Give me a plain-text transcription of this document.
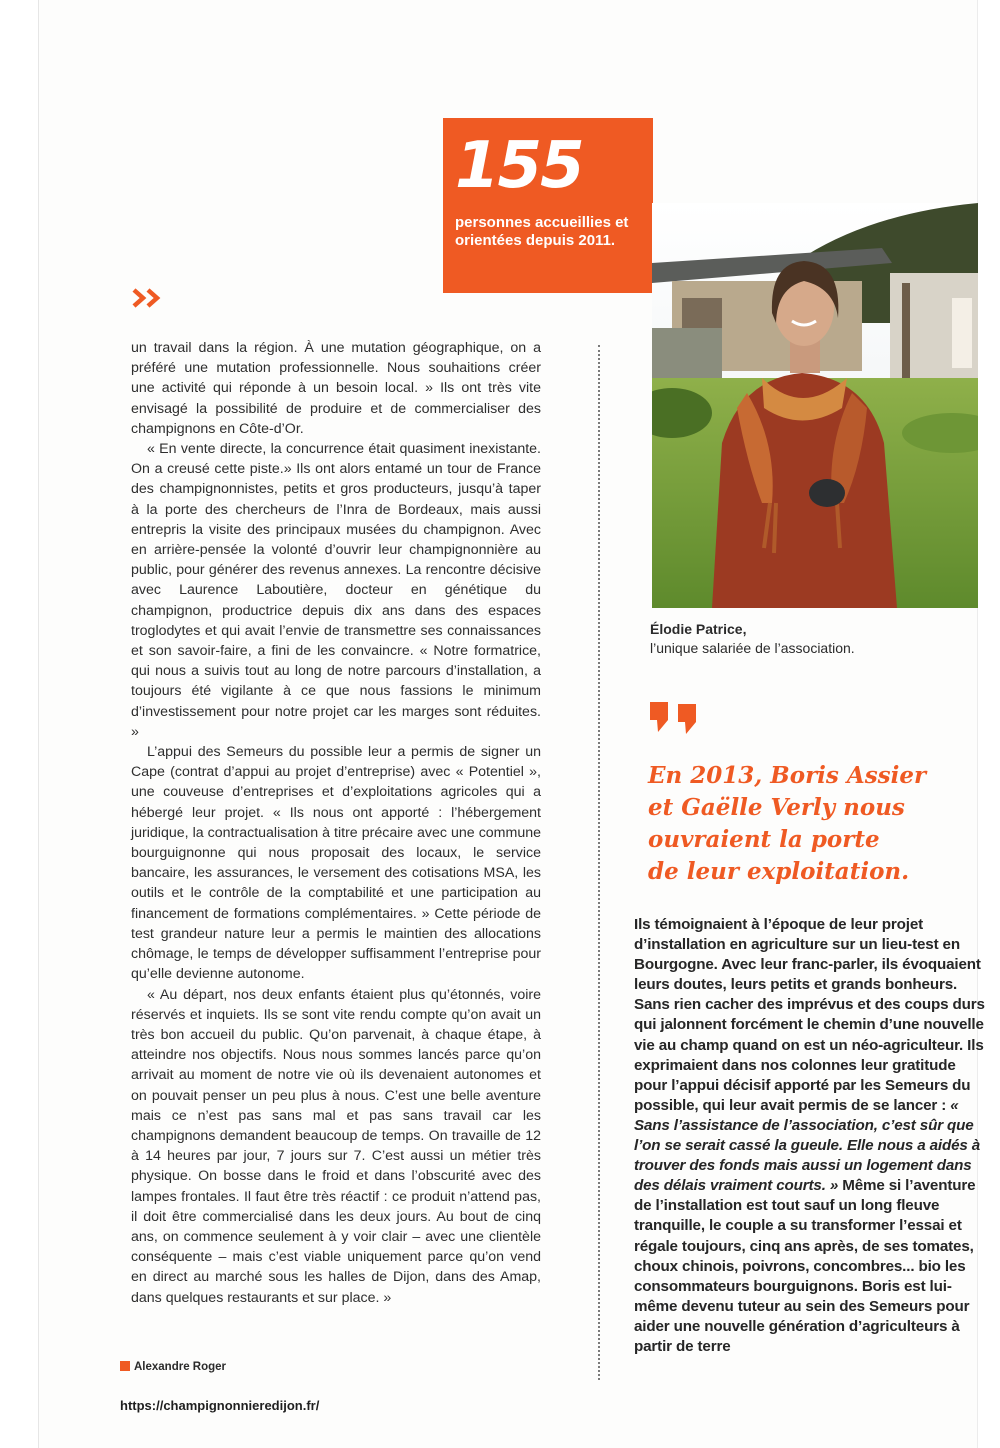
155
personnes accueillies et orientées depuis 2011.

un travail dans la région. À une mutation géographique, on a préféré une mutation professionnelle. Nous souhaitions créer une activité qui réponde à un besoin local. » Ils ont très vite envisagé la possibilité de produire et de commercialiser des champignons en Côte-d’Or.

« En vente directe, la concurrence était quasiment inexistante. On a creusé cette piste.» Ils ont alors entamé un tour de France des champignonnistes, petits et gros producteurs, jusqu’à taper à la porte des chercheurs de l’Inra de Bordeaux, mais aussi entrepris la visite des principaux musées du champignon. Avec en arrière-pensée la volonté d’ouvrir leur champignonnière au public, pour générer des revenus annexes. La rencontre décisive avec Laurence Laboutière, docteur en génétique du champignon, productrice depuis dix ans dans des espaces troglodytes et qui avait l’envie de transmettre ses connaissances et son savoir-faire, a fini de les convaincre. « Notre formatrice, qui nous a suivis tout au long de notre parcours d’installation, a toujours été vigilante à ce que nous fassions le minimum d’investissement pour notre projet car les marges sont réduites. »

L’appui des Semeurs du possible leur a permis de signer un Cape (contrat d’appui au projet d’entreprise) avec « Potentiel », une couveuse d’entreprises et d’exploitations agricoles qui a hébergé leur projet. « Ils nous ont apporté : l’hébergement juridique, la contractualisation à titre précaire avec une commune bourguignonne qui nous proposait des locaux, le service bancaire, les assurances, le versement des cotisations MSA, les outils et le contrôle de la comptabilité et une participation au financement de formations complémentaires. » Cette période de test grandeur nature leur a permis le maintien des allocations chômage, le temps de développer suffisamment l’entreprise pour qu’elle devienne autonome.

« Au départ, nos deux enfants étaient plus qu’étonnés, voire réservés et inquiets. Ils se sont vite rendu compte qu’on avait un très bon accueil du public. Qu’on parvenait, à chaque étape, à atteindre nos objectifs. Nous nous sommes lancés parce qu’on arrivait au moment de notre vie où ils devenaient autonomes et on pouvait penser un peu plus à nous. C’est une belle aventure mais ce n’est pas sans mal et pas sans travail car les champignons demandent beaucoup de temps. On travaille de 12 à 14 heures par jour, 7 jours sur 7. C’est aussi un métier très physique. On bosse dans le froid et dans l’obscurité avec des lampes frontales. Il faut être très réactif : ce produit n’attend pas, il doit être commercialisé dans les deux jours. Au bout de cinq ans, on commence seulement à y voir clair – avec une clientèle conséquente – mais c’est viable uniquement parce qu’on vend en direct au marché sous les halles de Dijon, dans des Amap, dans quelques restaurants et sur place. »

Élodie Patrice,
l’unique salariée de l’association.
En 2013, Boris Assier
et Gaëlle Verly nous
ouvraient la porte
de leur exploitation.
Ils témoignaient à l’époque de leur projet d’installation en agriculture sur un lieu-test en Bourgogne. Avec leur franc-parler, ils évoquaient leurs doutes, leurs petits et grands bonheurs. Sans rien cacher des imprévus et des coups durs qui jalonnent forcément le chemin d’une nouvelle vie au champ quand on est un néo-agriculteur. Ils exprimaient dans nos colonnes leur gratitude pour l’appui décisif apporté par les Semeurs du possible, qui leur avait permis de se lancer : « Sans l’assistance de l’association, c’est sûr que l’on se serait cassé la gueule. Elle nous a aidés à trouver des fonds mais aussi un logement dans des délais vraiment courts. » Même si l’aventure de l’installation est tout sauf un long fleuve tranquille, le couple a su transformer l’essai et régale toujours, cinq ans après, de ses tomates, choux chinois, poivrons, concombres... bio les consommateurs bourguignons. Boris est lui-même devenu tuteur au sein des Semeurs pour aider une nouvelle génération d’agriculteurs à partir de terre
Alexandre Roger
https://champignonnieredijon.fr/
